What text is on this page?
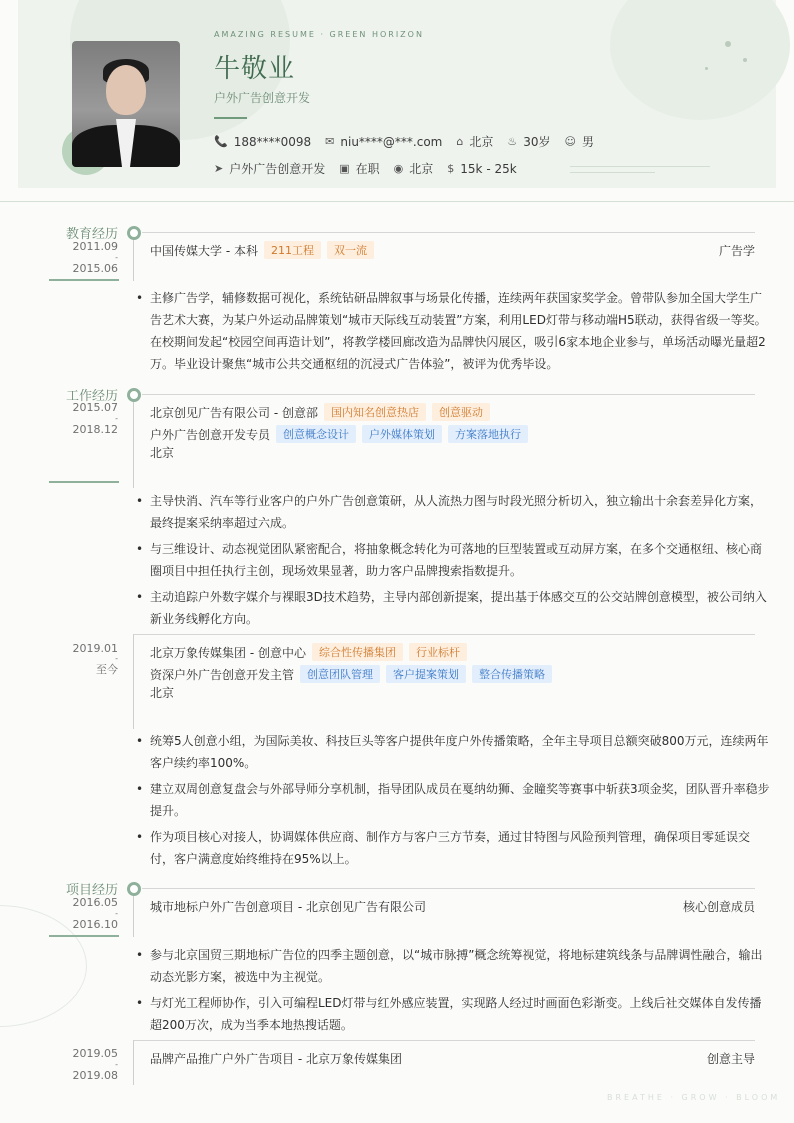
AMAZING RESUME · GREEN HORIZON
牛敬业
户外广告创意开发
📞 188****0098 ✉ niu****@***.com ⌂ 北京 ♨ 30岁 ☺ 男
➤ 户外广告创意开发 ▣ 在职 ◉ 北京 $ 15k - 25k
教育经历
2011.09
-
2015.06
中国传媒大学 - 本科	211工程	双一流	广告学
• 主修广告学，辅修数据可视化，系统钻研品牌叙事与场景化传播，连续两年获国家奖学金。曾带队参加全国大学生广告艺术大赛，为某户外运动品牌策划“城市天际线互动装置”方案，利用LED灯带与移动端H5联动，获得省级一等奖。在校期间发起“校园空间再造计划”，将教学楼回廊改造为品牌快闪展区，吸引6家本地企业参与，单场活动曝光量超2万。毕业设计聚焦“城市公共交通枢纽的沉浸式广告体验”，被评为优秀毕设。
工作经历
2015.07
-
2018.12
北京创见广告有限公司 - 创意部	国内知名创意热店	创意驱动
户外广告创意开发专员	创意概念设计	户外媒体策划	方案落地执行
北京
• 主导快消、汽车等行业客户的户外广告创意策研，从人流热力图与时段光照分析切入，独立输出十余套差异化方案，最终提案采纳率超过六成。
• 与三维设计、动态视觉团队紧密配合，将抽象概念转化为可落地的巨型装置或互动屏方案，在多个交通枢纽、核心商圈项目中担任执行主创，现场效果显著，助力客户品牌搜索指数提升。
• 主动追踪户外数字媒介与裸眼3D技术趋势，主导内部创新提案，提出基于体感交互的公交站牌创意模型，被公司纳入新业务线孵化方向。
2019.01
-
至今
北京万象传媒集团 - 创意中心	综合性传播集团	行业标杆
资深户外广告创意开发主管	创意团队管理	客户提案策划	整合传播策略
北京
• 统筹5人创意小组，为国际美妆、科技巨头等客户提供年度户外传播策略，全年主导项目总额突破800万元，连续两年客户续约率100%。
• 建立双周创意复盘会与外部导师分享机制，指导团队成员在戛纳幼狮、金瞳奖等赛事中斩获3项金奖，团队晋升率稳步提升。
• 作为项目核心对接人，协调媒体供应商、制作方与客户三方节奏，通过甘特图与风险预判管理，确保项目零延误交付，客户满意度始终维持在95%以上。
项目经历
2016.05
-
2016.10
城市地标户外广告创意项目 - 北京创见广告有限公司	核心创意成员
• 参与北京国贸三期地标广告位的四季主题创意，以“城市脉搏”概念统筹视觉，将地标建筑线条与品牌调性融合，输出动态光影方案，被选中为主视觉。
• 与灯光工程师协作，引入可编程LED灯带与红外感应装置，实现路人经过时画面色彩渐变。上线后社交媒体自发传播超200万次，成为当季本地热搜话题。
2019.05
-
2019.08
品牌产品推广户外广告项目 - 北京万象传媒集团	创意主导
BREATHE · GROW · BLOOM
